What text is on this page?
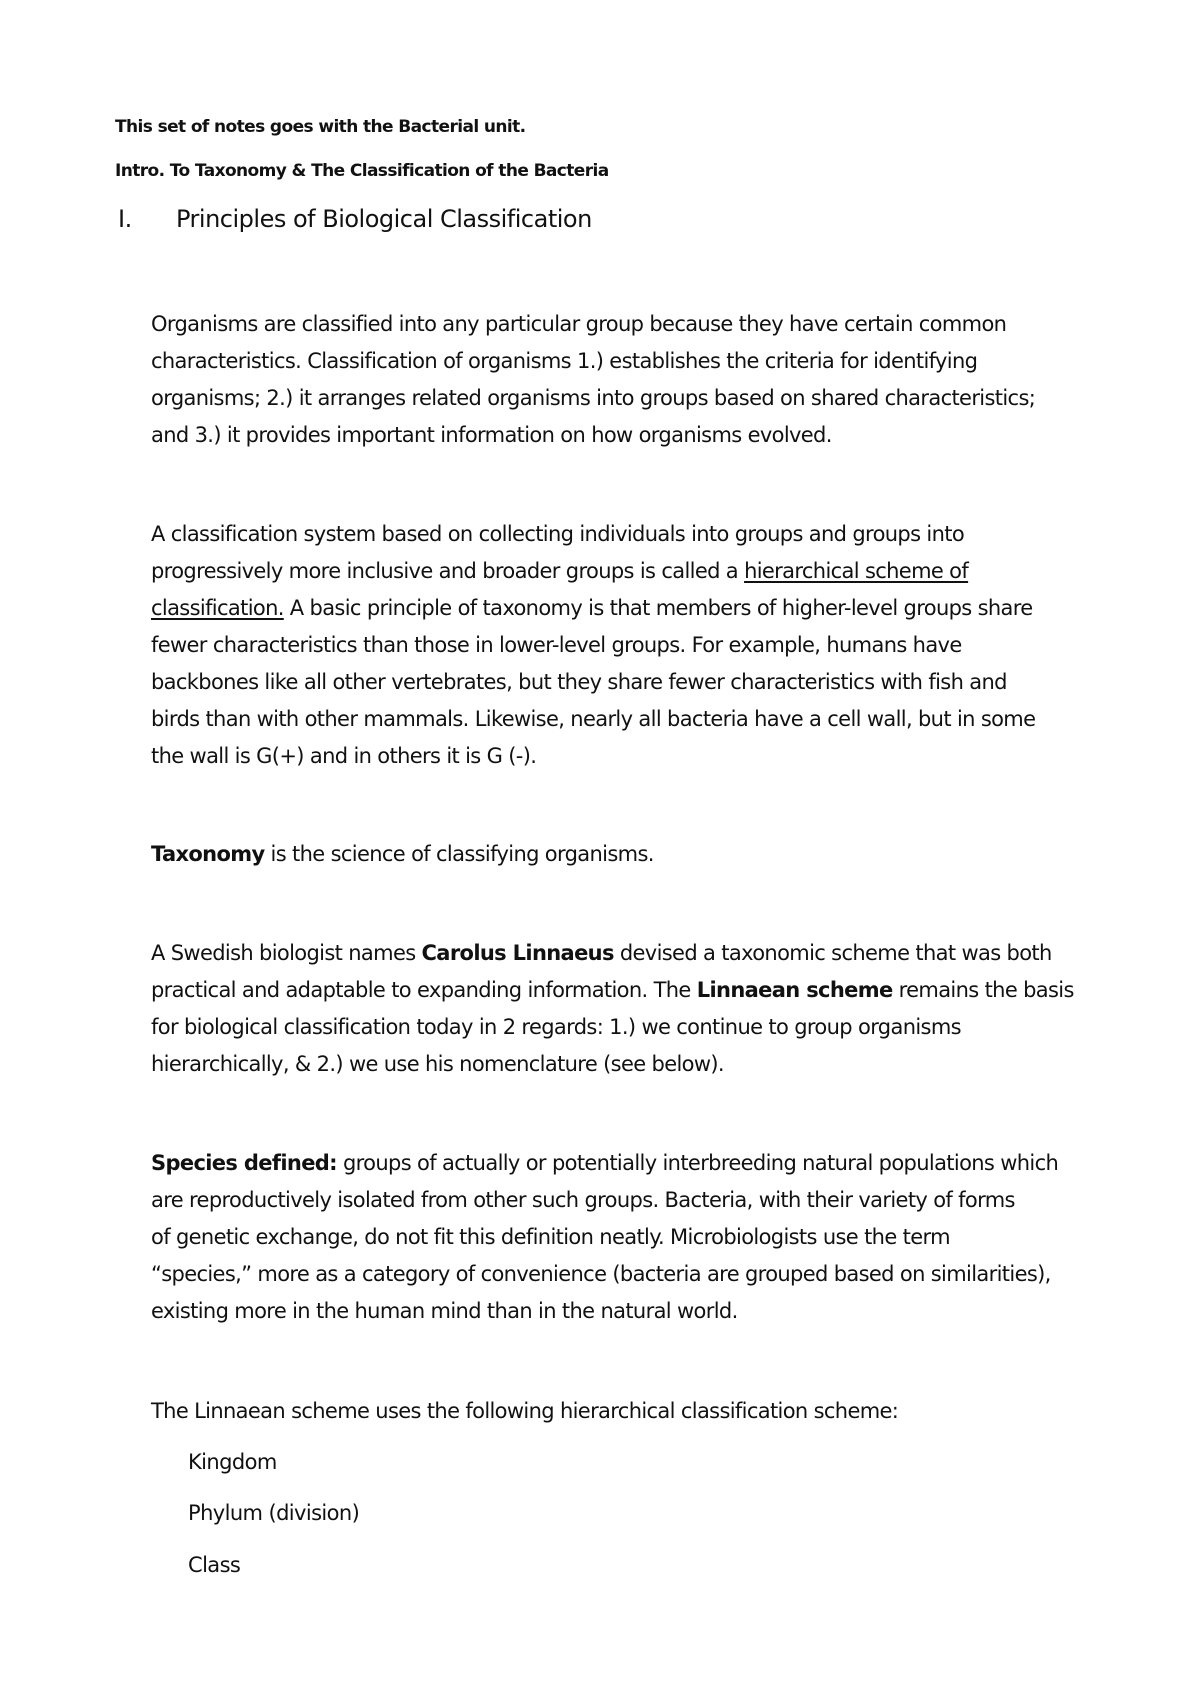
This set of notes goes with the Bacterial unit.
Intro. To Taxonomy & The Classification of the Bacteria
I. Principles of Biological Classification
Organisms are classified into any particular group because they have certain common
characteristics. Classification of organisms 1.) establishes the criteria for identifying
organisms; 2.) it arranges related organisms into groups based on shared characteristics;
and 3.) it provides important information on how organisms evolved.
A classification system based on collecting individuals into groups and groups into
progressively more inclusive and broader groups is called a hierarchical scheme of
classification. A basic principle of taxonomy is that members of higher-level groups share
fewer characteristics than those in lower-level groups. For example, humans have
backbones like all other vertebrates, but they share fewer characteristics with fish and
birds than with other mammals. Likewise, nearly all bacteria have a cell wall, but in some
the wall is G(+) and in others it is G (-).
Taxonomy is the science of classifying organisms.
A Swedish biologist names Carolus Linnaeus devised a taxonomic scheme that was both
practical and adaptable to expanding information. The Linnaean scheme remains the basis
for biological classification today in 2 regards: 1.) we continue to group organisms
hierarchically, & 2.) we use his nomenclature (see below).
Species defined: groups of actually or potentially interbreeding natural populations which
are reproductively isolated from other such groups. Bacteria, with their variety of forms
of genetic exchange, do not fit this definition neatly. Microbiologists use the term
“species,” more as a category of convenience (bacteria are grouped based on similarities),
existing more in the human mind than in the natural world.
The Linnaean scheme uses the following hierarchical classification scheme:
Kingdom
Phylum (division)
Class
